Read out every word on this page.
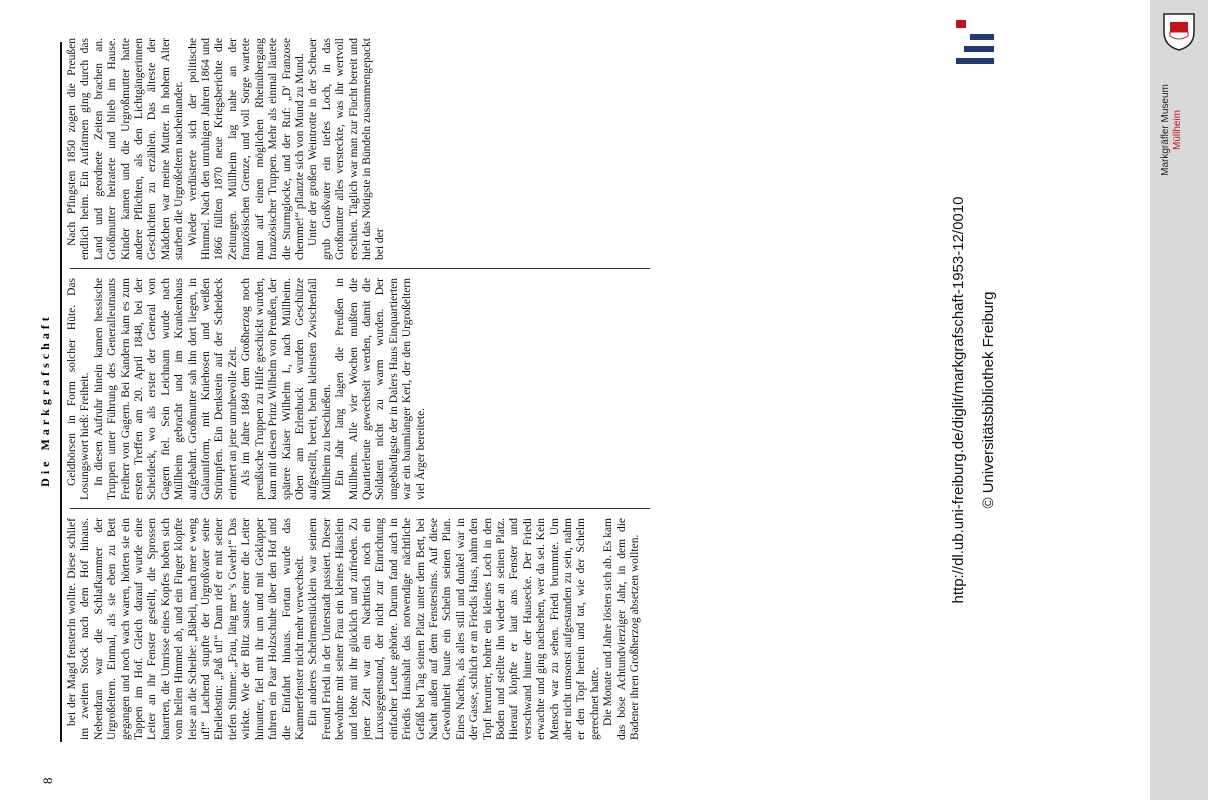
8
Die Markgrafschaft

bei der Magd fensterln wollte. Diese schlief im zweiten Stock nach dem Hof hinaus. Nebendran war die Schlafkammer der Urgroßeltern. Einmal, als sie eben zu Bett gegangen und noch wach waren, hörten sie ein Tappen im Hof. Gleich darauf wurde eine Leiter an ihr Fenster gestellt, die Sprossen knarrten, die Umrisse eines Kopfes hoben sich vom hellen Himmel ab, und ein Finger klopfte leise an die Scheibe: „Bäbeli, mach mer e weng uf!“ Lachend stupfte der Urgroßvater seine Eheliebstin: „Paß uf!“ Dann rief er mit seiner tiefen Stimme: „Frau, läng mer 's Gwehr!“ Das wirkte. Wie der Blitz sauste einer die Leiter hinunter, fiel mit ihr um und mit Geklapper fuhren ein Paar Holzschuhe über den Hof und die Einfahrt hinaus. Fortan wurde das Kammerfenster nicht mehr verwechselt. Ein anderes Schelmenstücklein war seinem Freund Friedi in der Unterstadt passiert. Dieser bewohnte mit seiner Frau ein kleines Häuslein und lebte mit ihr glücklich und zufrieden. Zu jener Zeit war ein Nachttisch noch ein Luxusgegenstand, der nicht zur Einrichtung einfacher Leute gehörte. Darum fand auch in Friedis Haushalt das notwendige nächtliche Gefäß bei Tag seinen Platz unter dem Bett, bei Nacht außen auf dem Fenstersims. Auf diese Gewohnheit baute ein Schelm seinen Plan. Eines Nachts, als alles still und dunkel war in der Gasse, schlich er an Friedis Haus, nahm den Topf herunter, bohrte ein kleines Loch in den Boden und stellte ihn wieder an seinen Platz. Hierauf klopfte er laut ans Fenster und verschwand hinter der Hausecke. Der Friedi erwachte und ging nachsehen, wer da sei. Kein Mensch war zu sehen. Friedi brummte. Um aber nicht umsonst aufgestanden zu sein, nahm er den Topf herein und tat, wie der Schelm gerechnet hatte. Die Monate und Jahre lösten sich ab. Es kam das böse Achtundvierziger Jahr, in dem die Badener ihren Großherzog absetzen wollten.

Geldbörsen in Form solcher Hüte. Das Losungswort hieß: Freiheit. In diesen Aufruhr hinein kamen hessische Truppen unter Führung des Generalleutnants Freiherr von Gagern. Bei Kandern kam es zum ersten Treffen am 20. April 1848, bei der Scheideck, wo als erster der General von Gagern fiel. Sein Leichnam wurde nach Müllheim gebracht und im Krankenhaus aufgebahrt. Großmutter sah ihn dort liegen, in Galauniform, mit Kniehosen und weißen Strümpfen. Ein Denkstein auf der Scheideck erinnert an jene unruhevolle Zeit. Als im Jahre 1849 dem Großherzog noch preußische Truppen zu Hilfe geschickt wurden, kam mit diesen Prinz Wilhelm von Preußen, der spätere Kaiser Wilhelm I., nach Müllheim. Oben am Erlenbuck wurden Geschütze aufgestellt, bereit, beim kleinsten Zwischenfall Müllheim zu beschießen. Ein Jahr lang lagen die Preußen in Müllheim. Alle vier Wochen mußten die Quartierleute gewechselt werden, damit die Soldaten nicht zu warm wurden. Der ungebärdigste der in Dalers Haus Einquartierten war ein baumlanger Kerl, der den Urgroßeltern viel Ärger bereitete.

Nach Pfingsten 1850 zogen die Preußen endlich heim. Ein Aufatmen ging durch das Land und geordnete Zeiten brachen an. Großmutter heiratete und blieb im Hause. Kinder kamen und die Urgroßmutter hatte andere Pflichten, als den Lichtgängerinnen Geschichten zu erzählen. Das älteste der Mädchen war meine Mutter. In hohem Alter starben die Urgroßeltern nacheinander. Wieder verdüsterte sich der politische Himmel. Nach den unruhigen Jahren 1864 und 1866 füllten 1870 neue Kriegsberichte die Zeitungen. Müllheim lag nahe an der französischen Grenze, und voll Sorge wartete man auf einen möglichen Rheinübergang französischer Truppen. Mehr als einmal läutete die Sturmglocke, und der Ruf: „D' Franzose chemme!“ pflanzte sich von Mund zu Mund. Unter der großen Weintrotte in der Scheuer grub Großvater ein tiefes Loch, in das Großmutter alles versteckte, was ihr wertvoll erschien. Täglich war man zur Flucht bereit und hielt das Nötigste in Bündeln zusammengepackt bei der	http://dl.ub.uni-freiburg.de/diglit/markgrafschaft-1953-12/0010 © Universitätsbibliothek Freiburg
Markgräfler Museum Müllheim
